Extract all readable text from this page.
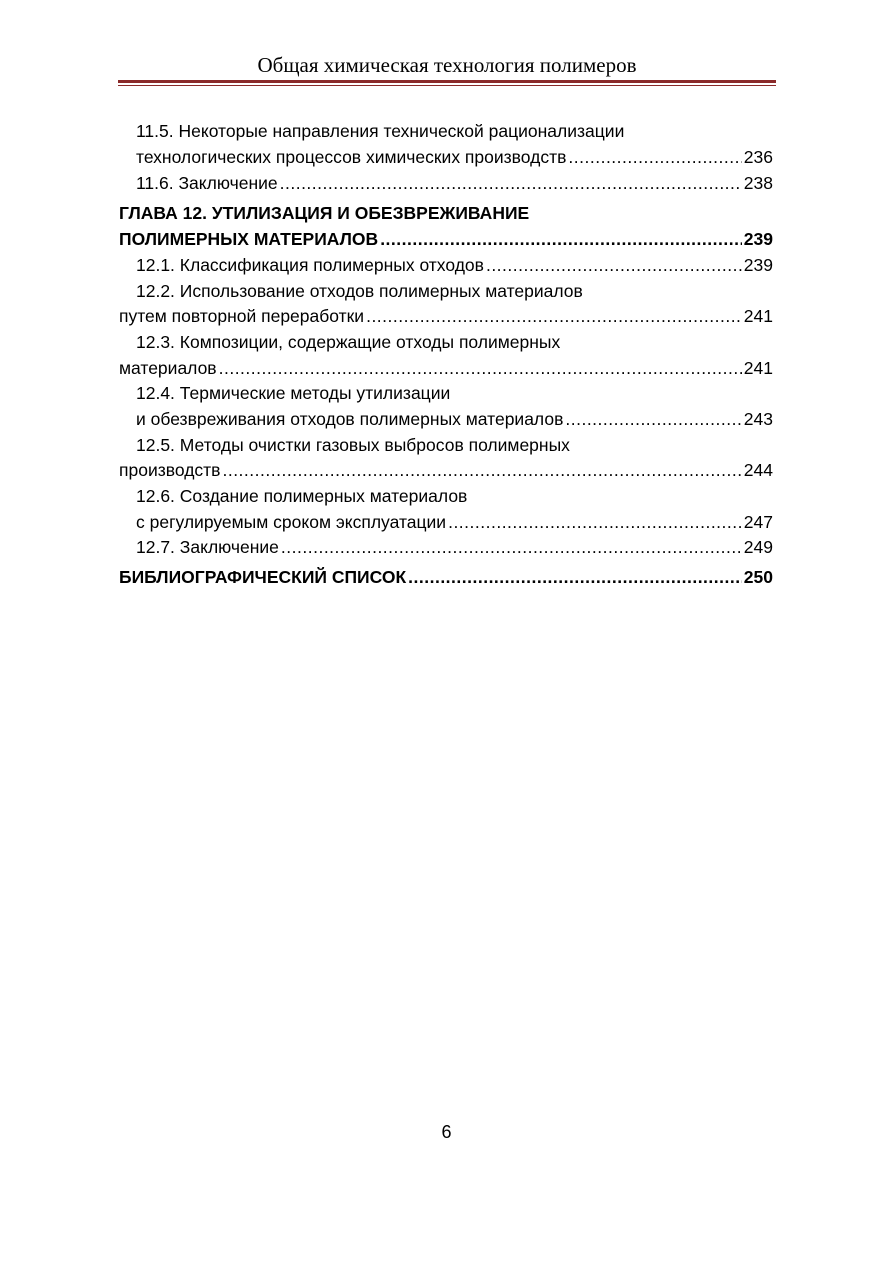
Общая химическая технология полимеров
11.5. Некоторые направления технической рационализации
технологических процессов химических производств .....	236
11.6. Заключение .....	238
ГЛАВА 12. УТИЛИЗАЦИЯ И ОБЕЗВРЕЖИВАНИЕ
ПОЛИМЕРНЫХ МАТЕРИАЛОВ .....	239
12.1. Классификация полимерных отходов .....	239
12.2. Использование отходов полимерных материалов
путем повторной переработки .....	241
12.3. Композиции, содержащие отходы полимерных
материалов .....	241
12.4. Термические методы утилизации
и обезвреживания отходов полимерных материалов .....	243
12.5. Методы очистки газовых выбросов полимерных
производств .....	244
12.6. Создание полимерных материалов
с регулируемым сроком эксплуатации .....	247
12.7. Заключение .....	249
БИБЛИОГРАФИЧЕСКИЙ СПИСОК .....	250
6
